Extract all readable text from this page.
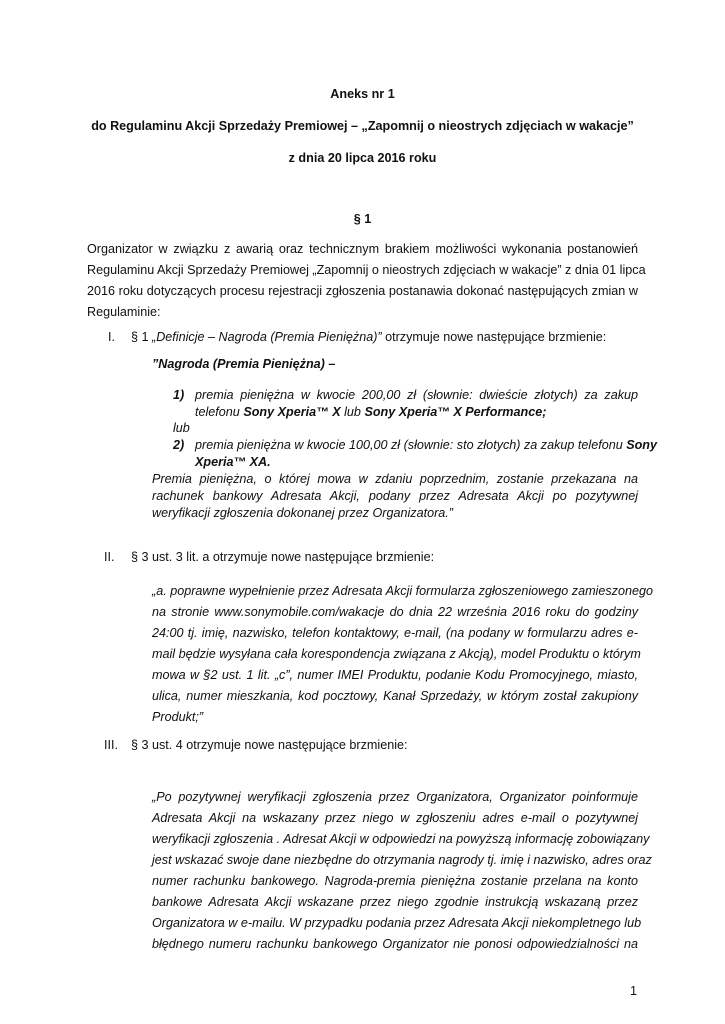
Aneks nr 1
do Regulaminu Akcji Sprzedaży Premiowej – „Zapomnij o nieostrych zdjęciach w wakacje”
z dnia 20 lipca 2016 roku
§ 1
Organizator w związku z awarią oraz technicznym brakiem możliwości wykonania postanowień
Regulaminu Akcji Sprzedaży Premiowej „Zapomnij o nieostrych zdjęciach w wakacje” z dnia 01 lipca
2016 roku dotyczących procesu rejestracji zgłoszenia postanawia dokonać następujących zmian w
Regulaminie:
I. § 1 „Definicje – Nagroda (Premia Pieniężna)” otrzymuje nowe następujące brzmienie:
”Nagroda (Premia Pieniężna) –
1) premia pieniężna w kwocie 200,00 zł (słownie: dwieście złotych) za zakup
telefonu Sony Xperia™ X lub Sony Xperia™ X Performance;
lub
2) premia pieniężna w kwocie 100,00 zł (słownie: sto złotych) za zakup telefonu Sony
Xperia™ XA.
Premia pieniężna, o której mowa w zdaniu poprzednim, zostanie przekazana na
rachunek bankowy Adresata Akcji, podany przez Adresata Akcji po pozytywnej
weryfikacji zgłoszenia dokonanej przez Organizatora.”
II. § 3 ust. 3 lit. a otrzymuje nowe następujące brzmienie:
„a. poprawne wypełnienie przez Adresata Akcji formularza zgłoszeniowego zamieszonego
na stronie www.sonymobile.com/wakacje do dnia 22 września 2016 roku do godziny
24:00 tj. imię, nazwisko, telefon kontaktowy, e-mail, (na podany w formularzu adres e-
mail będzie wysyłana cała korespondencja związana z Akcją), model Produktu o którym
mowa w §2 ust. 1 lit. „c”, numer IMEI Produktu, podanie Kodu Promocyjnego, miasto,
ulica, numer mieszkania, kod pocztowy, Kanał Sprzedaży, w którym został zakupiony
Produkt;”
III. § 3 ust. 4 otrzymuje nowe następujące brzmienie:
„Po pozytywnej weryfikacji zgłoszenia przez Organizatora, Organizator poinformuje
Adresata Akcji na wskazany przez niego w zgłoszeniu adres e-mail o pozytywnej
weryfikacji zgłoszenia . Adresat Akcji w odpowiedzi na powyższą informację zobowiązany
jest wskazać swoje dane niezbędne do otrzymania nagrody tj. imię i nazwisko, adres oraz
numer rachunku bankowego. Nagroda-premia pieniężna zostanie przelana na konto
bankowe Adresata Akcji wskazane przez niego zgodnie instrukcją wskazaną przez
Organizatora w e-mailu. W przypadku podania przez Adresata Akcji niekompletnego lub
błędnego numeru rachunku bankowego Organizator nie ponosi odpowiedzialności na
1
